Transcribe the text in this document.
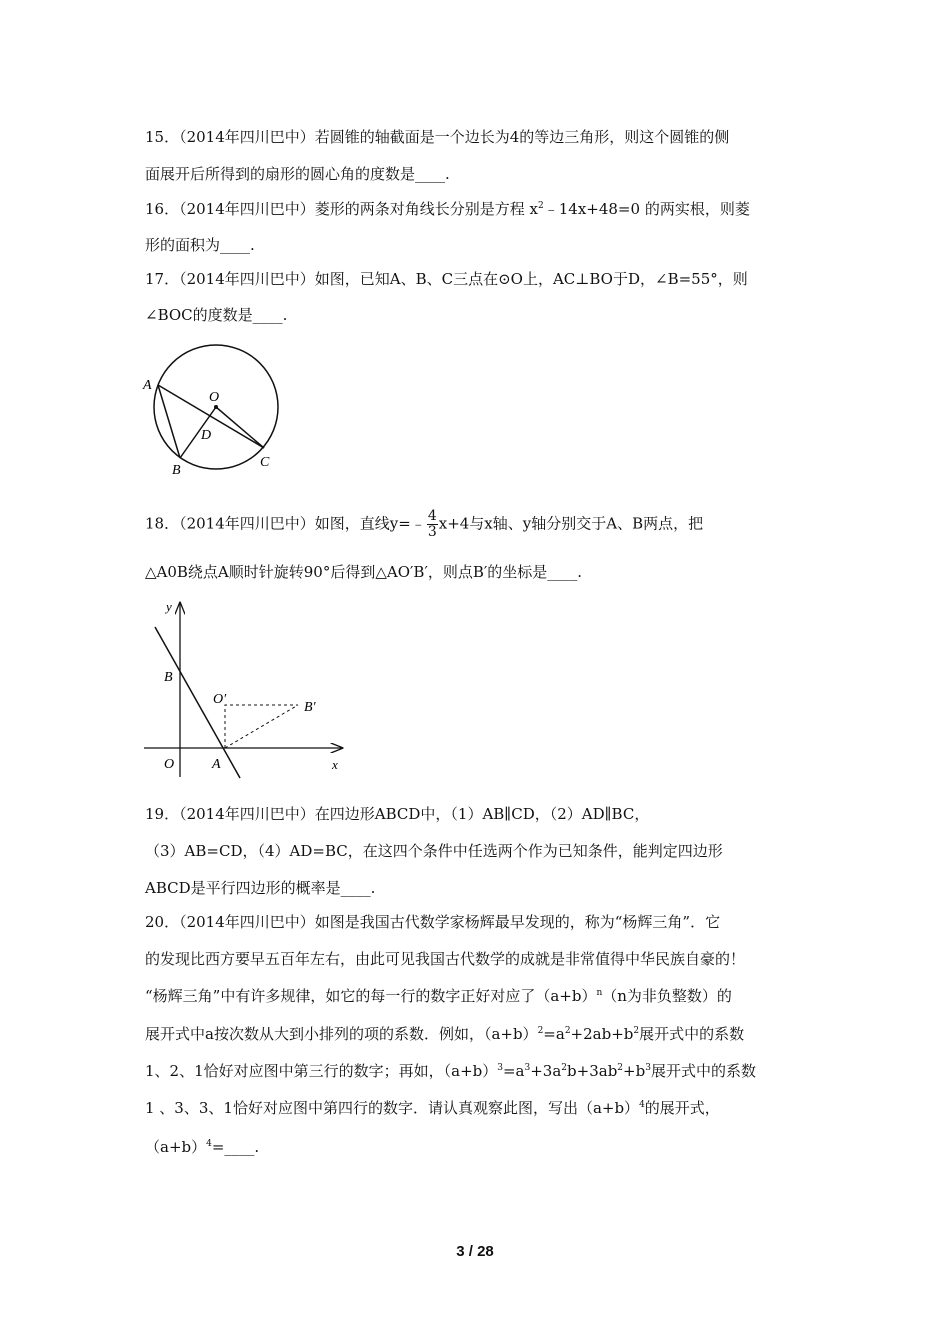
15．（2014年四川巴中）若圆锥的轴截面是一个边长为4的等边三角形，则这个圆锥的侧
面展开后所得到的扇形的圆心角的度数是____.
16．（2014年四川巴中）菱形的两条对角线长分别是方程 $x^2﹣14x+48=0$ 的两实根，则菱
形的面积为____.
17．（2014年四川巴中）如图，已知A、B、C三点在⊙O上，AC⊥BO于D，∠B=55°，则
∠BOC的度数是____.
A
O
D
B
C
18．（2014年四川巴中）如图，直线y=﹣ $\frac{4}{3} x+4$与x轴、y轴分别交于A、B两点，把
△A0B绕点A顺时针旋转90°后得到△AO′B′，则点B′的坐标是____.
y
x
B
O	A
O′
B′
19．（2014年四川巴中）在四边形ABCD中，（1）AB∥CD，（2）AD∥BC，
（3）AB=CD，（4）AD=BC，在这四个条件中任选两个作为已知条件，能判定四边形
ABCD是平行四边形的概率是____.
20．（2014年四川巴中）如图是我国古代数学家杨辉最早发现的，称为“杨辉三角”．它
的发现比西方要早五百年左右，由此可见我国古代数学的成就是非常值得中华民族自豪的！
“杨辉三角”中有许多规律，如它的每一行的数字正好对应了$(a+b)^n(n$为非负整数）的
展开式中a按次数从大到小排列的项的系数．例如，$(a+b)^2=a^2+2ab+b^2$展开式中的系数
1、2、1恰好对应图中第三行的数字；再如，$(a+b)^3=a^3+3a^2b+3ab^2+b^3$展开式中的系数
1 、3、3、1恰好对应图中第四行的数字．请认真观察此图，写出$(a+b)^4$的展开式，
$(a+b)^4=\_\_\_\_$.
3 / 28
